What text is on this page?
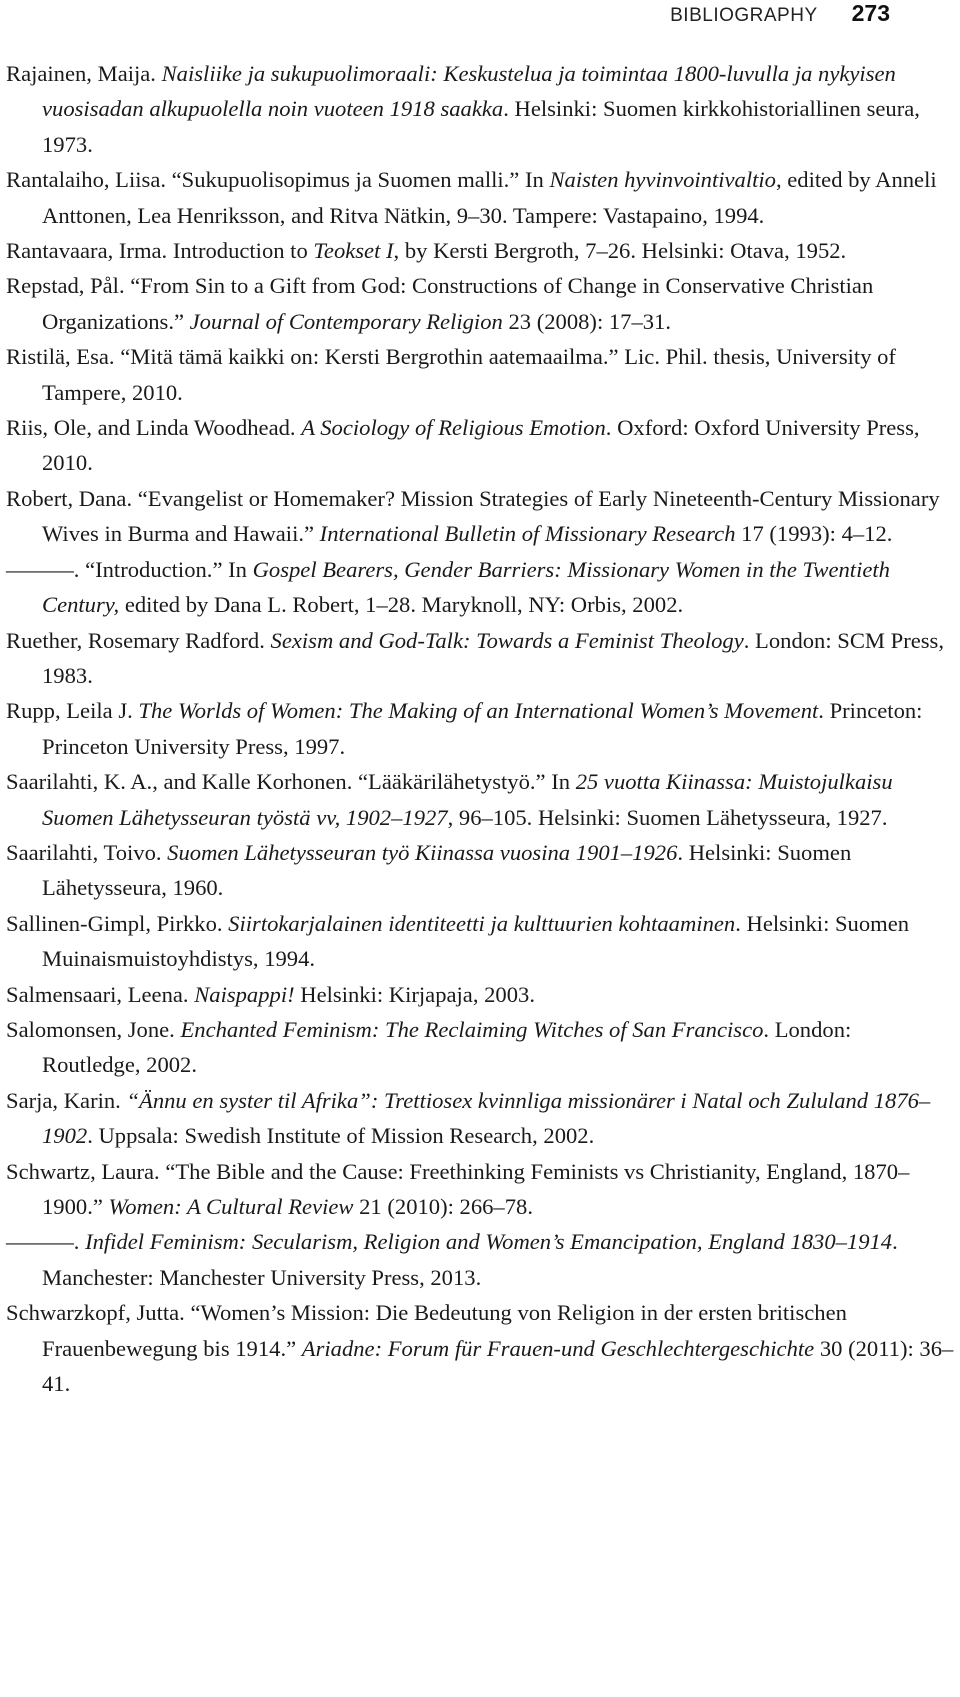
BIBLIOGRAPHY 273

Rajainen, Maija. Naisliike ja sukupuolimoraali: Keskustelua ja toimintaa 1800-luvulla ja nykyisen vuosisadan alkupuolella noin vuoteen 1918 saakka. Helsinki: Suomen kirkkohistoriallinen seura, 1973.

Rantalaiho, Liisa. “Sukupuolisopimus ja Suomen malli.” In Naisten hyvinvointivaltio, edited by Anneli Anttonen, Lea Henriksson, and Ritva Nätkin, 9–30. Tampere: Vastapaino, 1994.

Rantavaara, Irma. Introduction to Teokset I, by Kersti Bergroth, 7–26. Helsinki: Otava, 1952.

Repstad, Pål. “From Sin to a Gift from God: Constructions of Change in Conservative Christian Organizations.” Journal of Contemporary Religion 23 (2008): 17–31.

Ristilä, Esa. “Mitä tämä kaikki on: Kersti Bergrothin aatemaailma.” Lic. Phil. thesis, University of Tampere, 2010.

Riis, Ole, and Linda Woodhead. A Sociology of Religious Emotion. Oxford: Oxford University Press, 2010.

Robert, Dana. “Evangelist or Homemaker? Mission Strategies of Early Nineteenth-Century Missionary Wives in Burma and Hawaii.” International Bulletin of Missionary Research 17 (1993): 4–12.

———. “Introduction.” In Gospel Bearers, Gender Barriers: Missionary Women in the Twentieth Century, edited by Dana L. Robert, 1–28. Maryknoll, NY: Orbis, 2002.

Ruether, Rosemary Radford. Sexism and God-Talk: Towards a Feminist Theology. London: SCM Press, 1983.

Rupp, Leila J. The Worlds of Women: The Making of an International Women’s Movement. Princeton: Princeton University Press, 1997.

Saarilahti, K. A., and Kalle Korhonen. “Lääkärilähetystyö.” In 25 vuotta Kiinassa: Muistojulkaisu Suomen Lähetysseuran työstä vv, 1902–1927, 96–105. Helsinki: Suomen Lähetysseura, 1927.

Saarilahti, Toivo. Suomen Lähetysseuran työ Kiinassa vuosina 1901–1926. Helsinki: Suomen Lähetysseura, 1960.

Sallinen-Gimpl, Pirkko. Siirtokarjalainen identiteetti ja kulttuurien kohtaaminen. Helsinki: Suomen Muinaismuistoyhdistys, 1994.

Salmensaari, Leena. Naispappi! Helsinki: Kirjapaja, 2003.

Salomonsen, Jone. Enchanted Feminism: The Reclaiming Witches of San Francisco. London: Routledge, 2002.

Sarja, Karin. “Ännu en syster til Afrika”: Trettiosex kvinnliga missionärer i Natal och Zululand 1876–1902. Uppsala: Swedish Institute of Mission Research, 2002.

Schwartz, Laura. “The Bible and the Cause: Freethinking Feminists vs Christianity, England, 1870–1900.” Women: A Cultural Review 21 (2010): 266–78.

———. Infidel Feminism: Secularism, Religion and Women’s Emancipation, England 1830–1914. Manchester: Manchester University Press, 2013.

Schwarzkopf, Jutta. “Women’s Mission: Die Bedeutung von Religion in der ersten britischen Frauenbewegung bis 1914.” Ariadne: Forum für Frauen-und Geschlechtergeschichte 30 (2011): 36–41.
